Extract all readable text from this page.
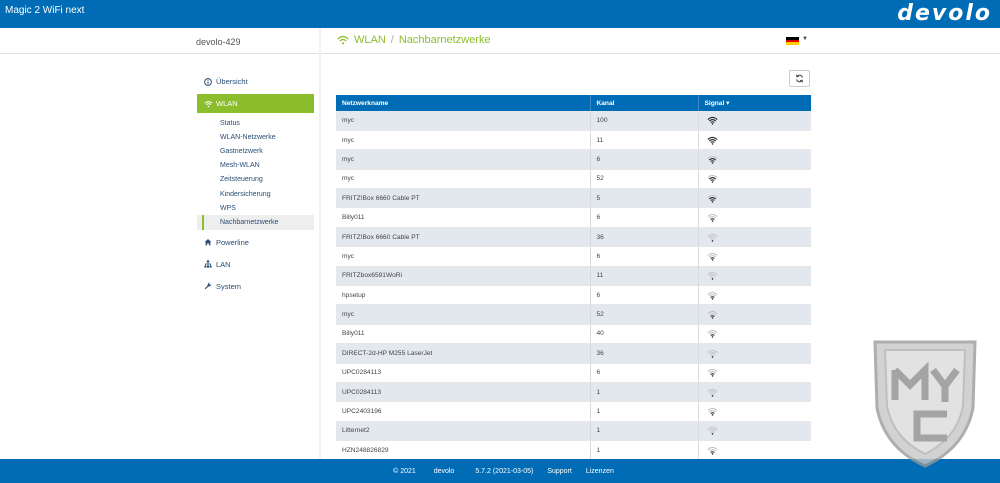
Magic 2 WiFi next	devolo
devolo-429
Übersicht
WLAN
Status
WLAN-Netzwerke
Gastnetzwerk
Mesh-WLAN
Zeitsteuerung
Kindersicherung
WPS
Nachbarnetzwerke
Powerline
LAN
System
WLAN / Nachbarnetzwerke	▼
Netzwerkname	Kanal	Signal ▾
myc	100	
myc	11	
myc	6	
myc	52	
FRITZ!Box 6660 Cable PT	5	
Billy011	6	
FRITZ!Box 6660 Cable PT	36	
myc	6	
FRITZbox6591WoRi	11	
hpsetup	6	
myc	52	
Billy011	40	
DIRECT-2d-HP M255 LaserJet	36	
UPC0284113	6	
UPC0284113	1	
UPC2403196	1	
Litternet2	1	
HZN248826829	1	
© 2021	devolo	5.7.2 (2021-03-05) Support Lizenzen
